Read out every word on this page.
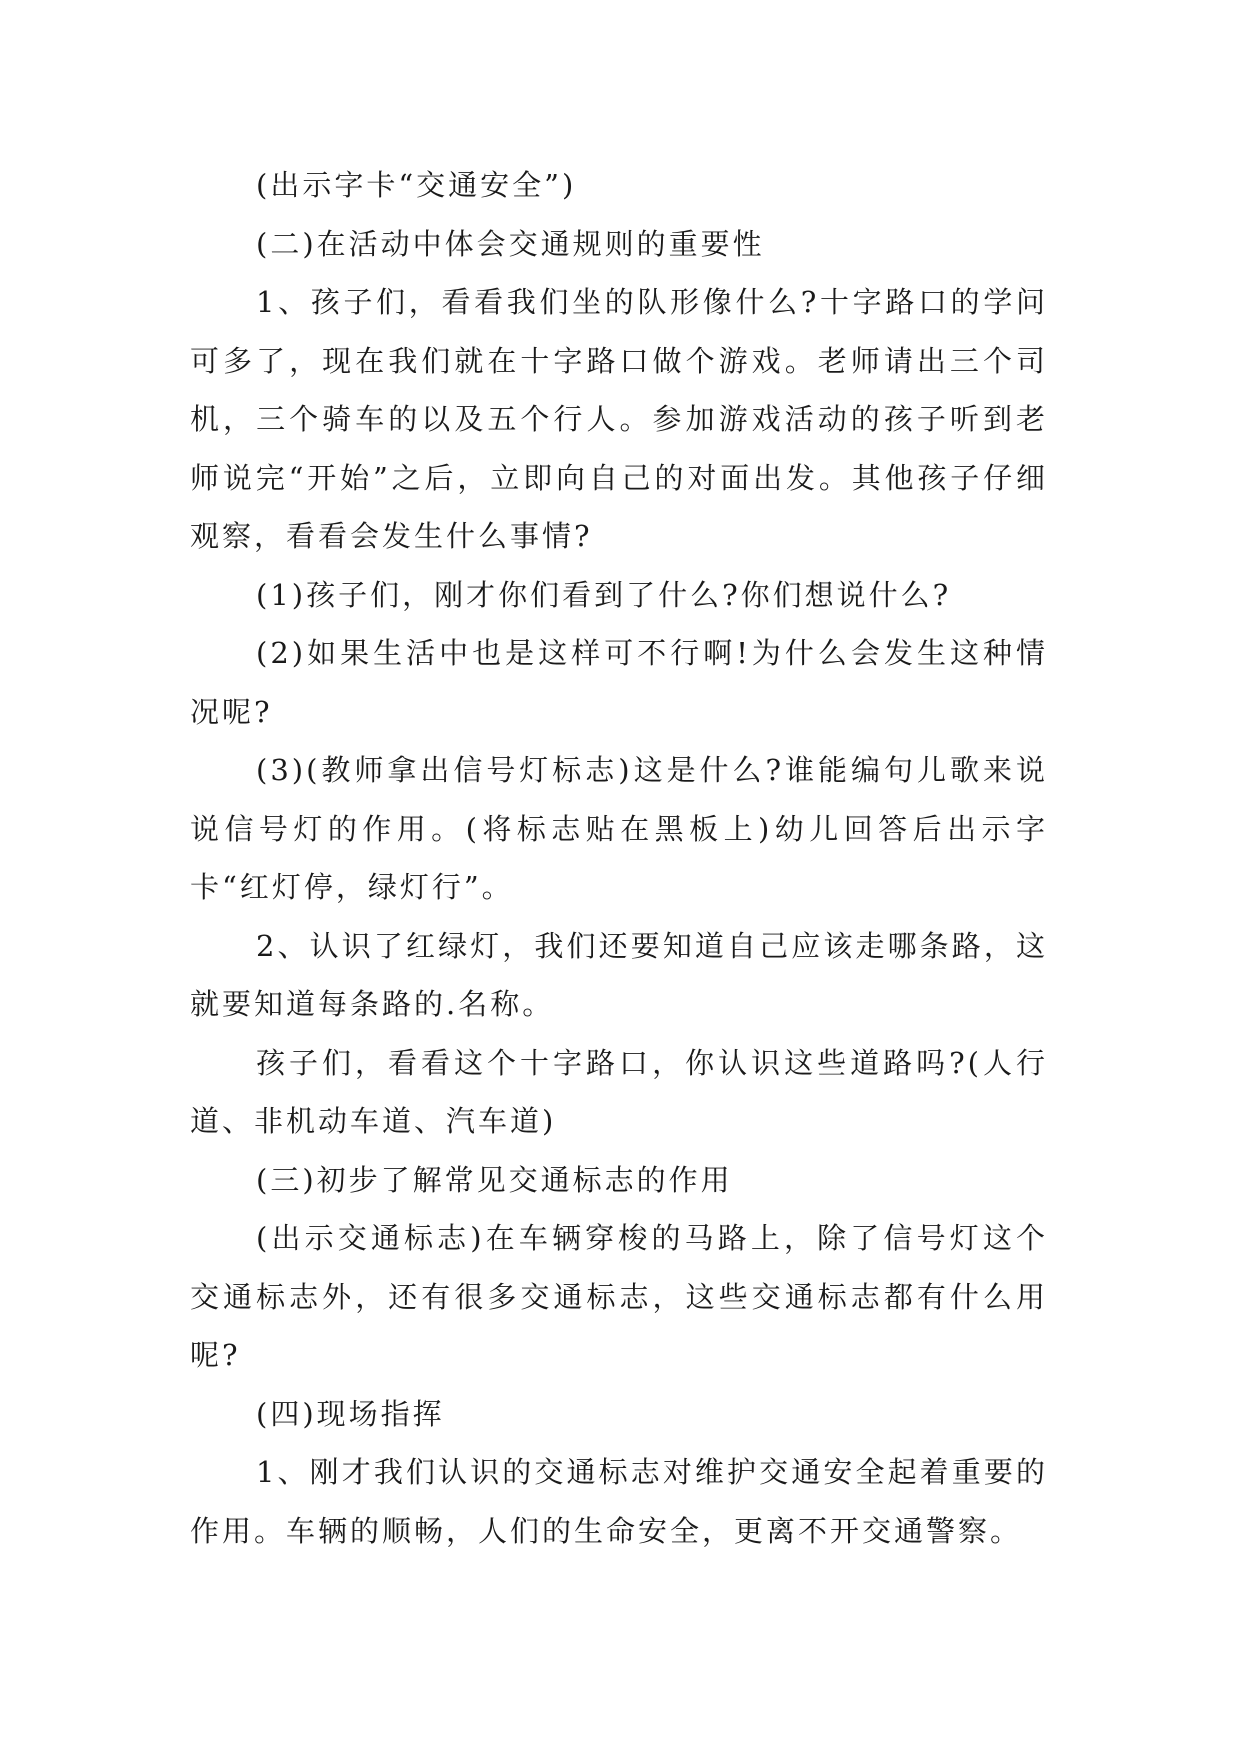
(出示字卡“交通安全”)

(二)在活动中体会交通规则的重要性

1、孩子们，看看我们坐的队形像什么?十字路口的学问可多了，现在我们就在十字路口做个游戏。老师请出三个司机，三个骑车的以及五个行人。参加游戏活动的孩子听到老师说完“开始”之后，立即向自己的对面出发。其他孩子仔细观察，看看会发生什么事情?

(1)孩子们，刚才你们看到了什么?你们想说什么?

(2)如果生活中也是这样可不行啊!为什么会发生这种情况呢?

(3)(教师拿出信号灯标志)这是什么?谁能编句儿歌来说说信号灯的作用。(将标志贴在黑板上)幼儿回答后出示字卡“红灯停，绿灯行”。

2、认识了红绿灯，我们还要知道自己应该走哪条路，这就要知道每条路的.名称。

孩子们，看看这个十字路口，你认识这些道路吗?(人行道、非机动车道、汽车道)

(三)初步了解常见交通标志的作用

(出示交通标志)在车辆穿梭的马路上，除了信号灯这个交通标志外，还有很多交通标志，这些交通标志都有什么用呢?

(四)现场指挥

1、刚才我们认识的交通标志对维护交通安全起着重要的作用。车辆的顺畅，人们的生命安全，更离不开交通警察。
